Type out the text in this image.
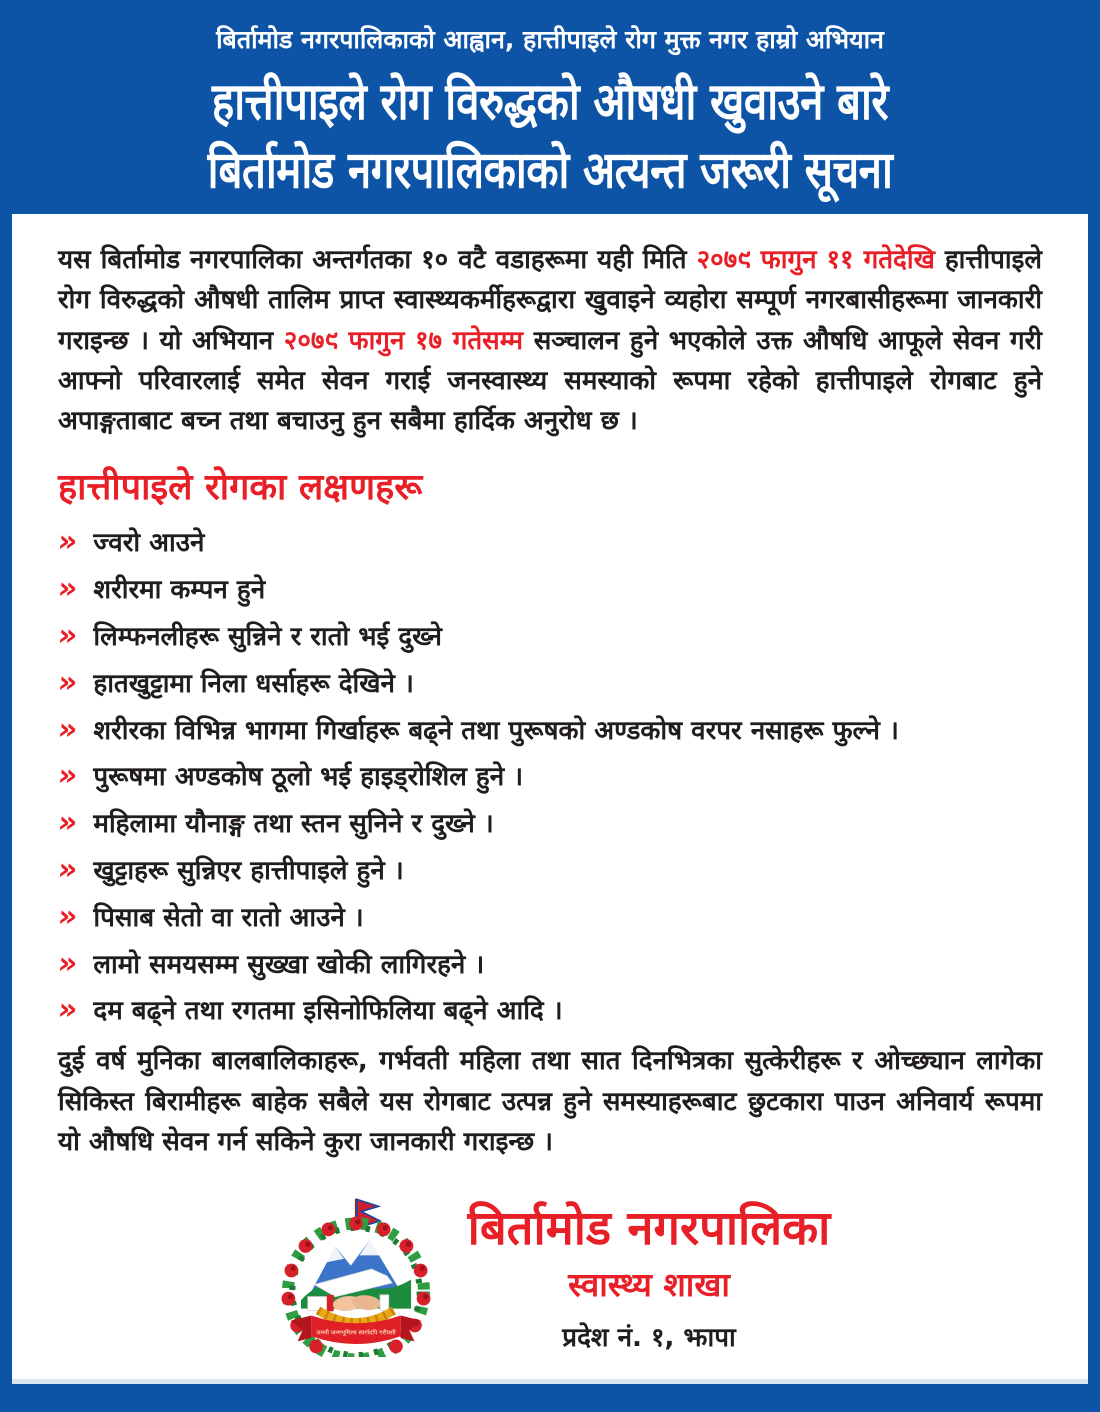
बिर्तामोड नगरपालिकाको आह्वान, हात्तीपाइले रोग मुक्त नगर हाम्रो अभियान
हात्तीपाइले रोग विरुद्धको औषधी खुवाउने बारे
बिर्तामोड नगरपालिकाको अत्यन्त जरूरी सूचना

यस बिर्तामोड नगरपालिका अन्तर्गतका १० वटै वडाहरूमा यही मिति २०७९ फागुन ११ गतेदेखि हात्तीपाइले रोग विरुद्धको औषधी तालिम प्राप्त स्वास्थ्यकर्मीहरूद्वारा खुवाइने व्यहोरा सम्पूर्ण नगरबासीहरूमा जानकारी गराइन्छ । यो अभियान २०७९ फागुन १७ गतेसम्म सञ्चालन हुने भएकोले उक्त औषधि आफूले सेवन गरी आफ्नो परिवारलाई समेत सेवन गराई जनस्वास्थ्य समस्याको रूपमा रहेको हात्तीपाइले रोगबाट हुने अपाङ्गताबाट बच्न तथा बचाउनु हुन सबैमा हार्दिक अनुरोध छ ।

हात्तीपाइले रोगका लक्षणहरू
» ज्वरो आउने
» शरीरमा कम्पन हुने
» लिम्फनलीहरू सुन्निने र रातो भई दुख्ने
» हातखुट्टामा निला धर्साहरू देखिने ।
» शरीरका विभिन्न भागमा गिर्खाहरू बढ्ने तथा पुरूषको अण्डकोष वरपर नसाहरू फुल्ने ।
» पुरूषमा अण्डकोष ठूलो भई हाइड्रोशिल हुने ।
» महिलामा यौनाङ्ग तथा स्तन सुनिने र दुख्ने ।
» खुट्टाहरू सुन्निएर हात्तीपाइले हुने ।
» पिसाब सेतो वा रातो आउने ।
» लामो समयसम्म सुख्खा खोकी लागिरहने ।
» दम बढ्ने तथा रगतमा इसिनोफिलिया बढ्ने आदि ।

दुई वर्ष मुनिका बालबालिकाहरू, गर्भवती महिला तथा सात दिनभित्रका सुत्केरीहरू र ओच्छ्यान लागेका सिकिस्त बिरामीहरू बाहेक सबैले यस रोगबाट उत्पन्न हुने समस्याहरूबाट छुटकारा पाउन अनिवार्य रूपमा यो औषधि सेवन गर्न सकिने कुरा जानकारी गराइन्छ ।

जननी जन्मभूमिश्च स्वर्गादपि गरीयसी
बिर्तामोड नगरपालिका
स्वास्थ्य शाखा
प्रदेश नं. १, झापा
